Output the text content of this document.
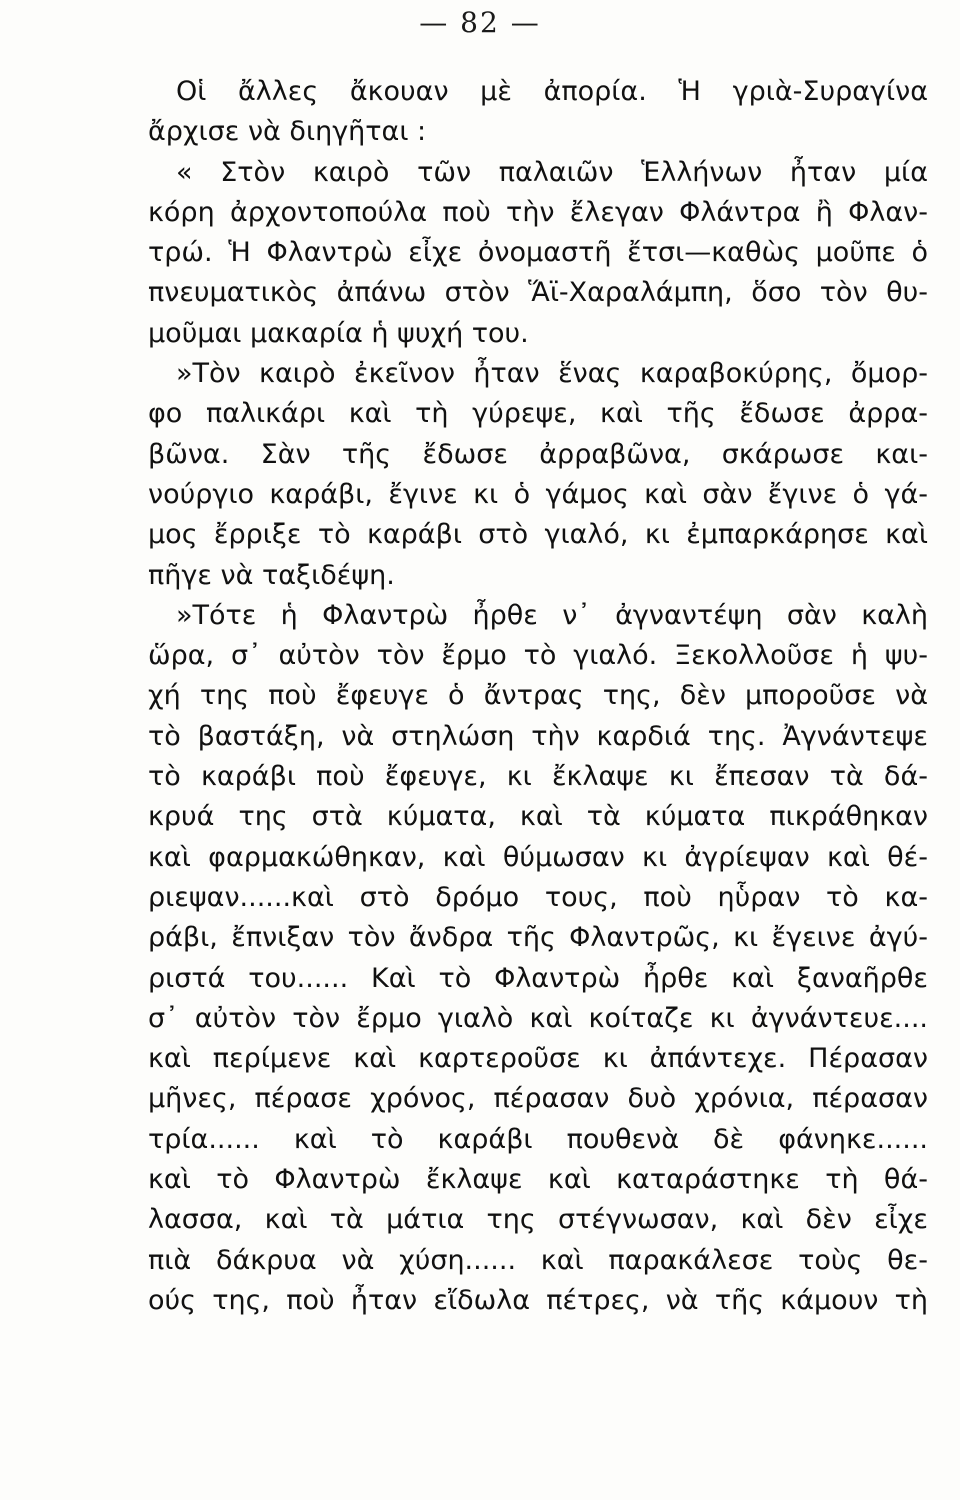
— 82 —
Οἱ ἄλλες ἄκουαν μὲ ἀπορία. Ἡ γριὰ-Συραγίνα
ἄρχισε νὰ διηγῆται :
« Στὸν καιρὸ τῶν παλαιῶν Ἑλλήνων ἦταν μία
κόρη ἀρχοντοπούλα ποὺ τὴν ἔλεγαν Φλάντρα ἢ Φλαν-
τρώ. Ἡ Φλαντρὼ εἶχε ὀνομαστῆ ἔτσι—καθὼς μοῦπε ὁ
πνευματικὸς ἀπάνω στὸν Ἅϊ-Χαραλάμπη, ὅσο τὸν θυ-
μοῦμαι μακαρία ἡ ψυχή του.
»Τὸν καιρὸ ἐκεῖνον ἦταν ἕνας καραβοκύρης, ὄμορ-
φο παλικάρι καὶ τὴ γύρεψε, καὶ τῆς ἔδωσε ἀρρα-
βῶνα. Σὰν τῆς ἔδωσε ἀρραβῶνα, σκάρωσε και-
νούργιο καράβι, ἔγινε κι ὁ γάμος καὶ σὰν ἔγινε ὁ γά-
μος ἔρριξε τὸ καράβι στὸ γιαλό, κι ἐμπαρκάρησε καὶ
πῆγε νὰ ταξιδέψη.
»Τότε ἡ Φλαντρὼ ἦρθε ν᾿ ἀγναντέψη σὰν καλὴ
ὥρα, σ᾿ αὐτὸν τὸν ἔρμο τὸ γιαλό. Ξεκολλοῦσε ἡ ψυ-
χή της ποὺ ἔφευγε ὁ ἄντρας της, δὲν μποροῦσε νὰ
τὸ βαστάξη, νὰ στηλώση τὴν καρδιά της. Ἀγνάντεψε
τὸ καράβι ποὺ ἔφευγε, κι ἔκλαψε κι ἔπεσαν τὰ δά-
κρυά της στὰ κύματα, καὶ τὰ κύματα πικράθηκαν
καὶ φαρμακώθηκαν, καὶ θύμωσαν κι ἀγρίεψαν καὶ θέ-
ριεψαν......καὶ στὸ δρόμο τους, ποὺ ηὗραν τὸ κα-
ράβι, ἔπνιξαν τὸν ἄνδρα τῆς Φλαντρῶς, κι ἔγεινε ἀγύ-
ριστά του...... Καὶ τὸ Φλαντρὼ ἦρθε καὶ ξαναῆρθε
σ᾿ αὐτὸν τὸν ἔρμο γιαλὸ καὶ κοίταζε κι ἀγνάντευε....
καὶ περίμενε καὶ καρτεροῦσε κι ἀπάντεχε. Πέρασαν
μῆνες, πέρασε χρόνος, πέρασαν δυὸ χρόνια, πέρασαν
τρία...... καὶ τὸ καράβι πουθενὰ δὲ φάνηκε......
καὶ τὸ Φλαντρὼ ἔκλαψε καὶ καταράστηκε τὴ θά-
λασσα, καὶ τὰ μάτια της στέγνωσαν, καὶ δὲν εἶχε
πιὰ δάκρυα νὰ χύση...... καὶ παρακάλεσε τοὺς θε-
ούς της, ποὺ ἦταν εἴδωλα πέτρες, νὰ τῆς κάμουν τὴ
